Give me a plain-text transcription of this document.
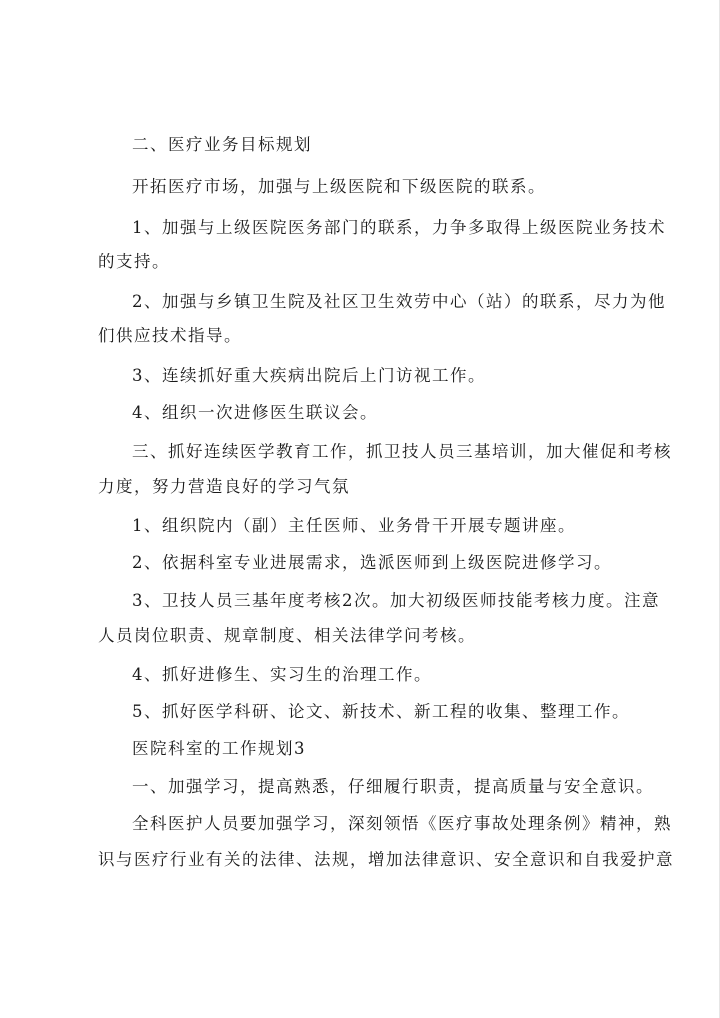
二、医疗业务目标规划
开拓医疗市场，加强与上级医院和下级医院的联系。
1、加强与上级医院医务部门的联系，力争多取得上级医院业务技术
的支持。
2、加强与乡镇卫生院及社区卫生效劳中心（站）的联系，尽力为他
们供应技术指导。
3、连续抓好重大疾病出院后上门访视工作。
4、组织一次进修医生联议会。
三、抓好连续医学教育工作，抓卫技人员三基培训，加大催促和考核
力度，努力营造良好的学习气氛
1、组织院内（副）主任医师、业务骨干开展专题讲座。
2、依据科室专业进展需求，选派医师到上级医院进修学习。
3、卫技人员三基年度考核2次。加大初级医师技能考核力度。注意
人员岗位职责、规章制度、相关法律学问考核。
4、抓好进修生、实习生的治理工作。
5、抓好医学科研、论文、新技术、新工程的收集、整理工作。
医院科室的工作规划3
一、加强学习，提高熟悉，仔细履行职责，提高质量与安全意识。
全科医护人员要加强学习，深刻领悟《医疗事故处理条例》精神，熟
识与医疗行业有关的法律、法规，增加法律意识、安全意识和自我爱护意
